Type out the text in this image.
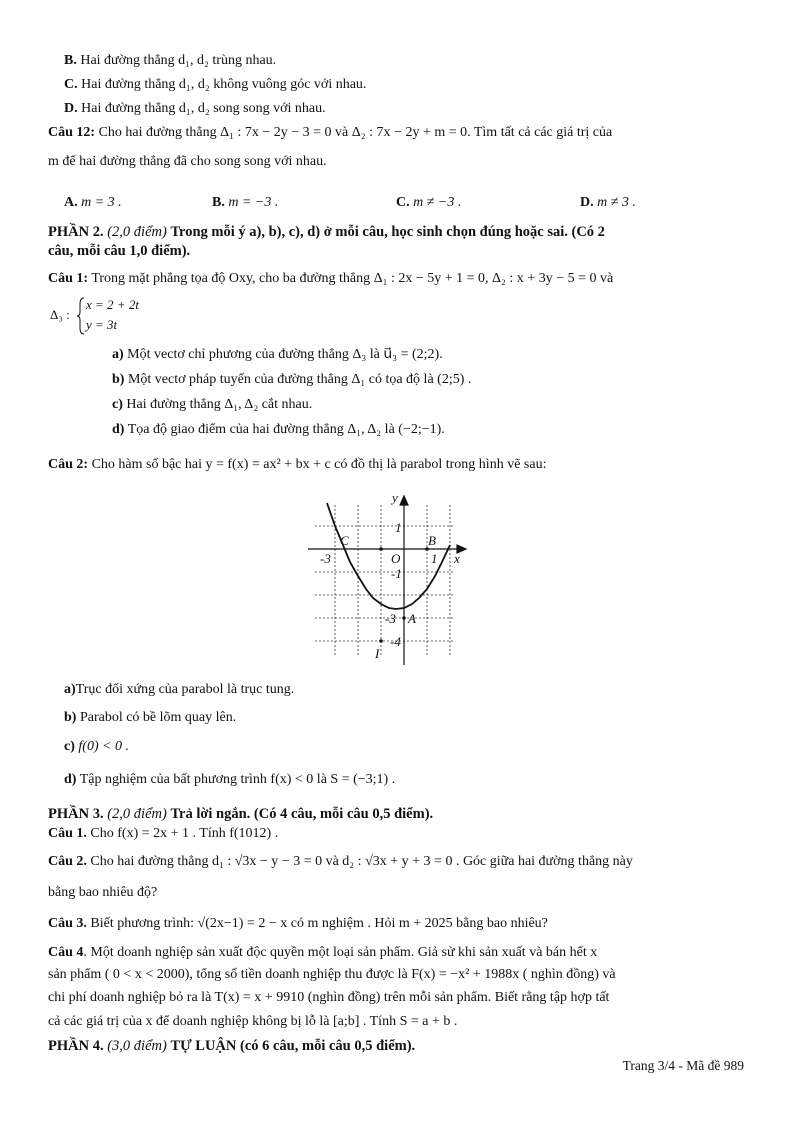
B. Hai đường thẳng d₁, d₂ trùng nhau.
C. Hai đường thẳng d₁, d₂ không vuông góc với nhau.
D. Hai đường thẳng d₁, d₂ song song với nhau.
Câu 12: Cho hai đường thẳng Δ₁ : 7x − 2y − 3 = 0 và Δ₂ : 7x − 2y + m = 0. Tìm tất cả các giá trị của
m để hai đường thẳng đã cho song song với nhau.
A. m = 3 .	B. m = −3 .	C. m ≠ −3 .	D. m ≠ 3 .
PHẦN 2. (2,0 điểm) Trong mỗi ý a), b), c), d) ở mỗi câu, học sinh chọn đúng hoặc sai. (Có 2
câu, mỗi câu 1,0 điểm).
Câu 1: Trong mặt phẳng tọa độ Oxy, cho ba đường thẳng Δ₁ : 2x − 5y + 1 = 0, Δ₂ : x + 3y − 5 = 0 và
Δ₃ :
x = 2 + 2t
y = 3t
a) Một vectơ chỉ phương của đường thẳng Δ₃ là u⃗₃ = (2;2).
b) Một vectơ pháp tuyến của đường thẳng Δ₁ có tọa độ là (2;5) .
c) Hai đường thẳng Δ₁, Δ₂ cắt nhau.
d) Tọa độ giao điểm của hai đường thẳng Δ₁, Δ₂ là (−2;−1).
Câu 2: Cho hàm số bậc hai y = f(x) = ax² + bx + c có đồ thị là parabol trong hình vẽ sau:
y
x
1
C	B
-3	O 1
-1
-3 A
I
-4
a)Trục đối xứng của parabol là trục tung.
b) Parabol có bề lõm quay lên.
c) f(0) < 0 .
d) Tập nghiệm của bất phương trình f(x) < 0 là S = (−3;1) .
PHẦN 3. (2,0 điểm) Trả lời ngắn. (Có 4 câu, mỗi câu 0,5 điểm).
Câu 1. Cho f(x) = 2x + 1 . Tính f(1012) .
Câu 2. Cho hai đường thẳng d₁ : √3x − y − 3 = 0 và d₂ : √3x + y + 3 = 0 . Góc giữa hai đường thẳng này
bằng bao nhiêu độ?
Câu 3. Biết phương trình: √(2x−1) = 2 − x có m nghiệm . Hỏi m + 2025 bằng bao nhiêu?
Câu 4. Một doanh nghiệp sản xuất độc quyền một loại sản phẩm. Giả sử khi sản xuất và bán hết x
sản phẩm ( 0 < x < 2000), tổng số tiền doanh nghiệp thu được là F(x) = −x² + 1988x ( nghìn đồng) và
chi phí doanh nghiệp bỏ ra là T(x) = x + 9910 (nghìn đồng) trên mỗi sản phẩm. Biết rằng tập hợp tất
cả các giá trị của x để doanh nghiệp không bị lỗ là [a;b] . Tính S = a + b .
PHẦN 4. (3,0 điểm) TỰ LUẬN (có 6 câu, mỗi câu 0,5 điểm).
Trang 3/4 - Mã đề 989
